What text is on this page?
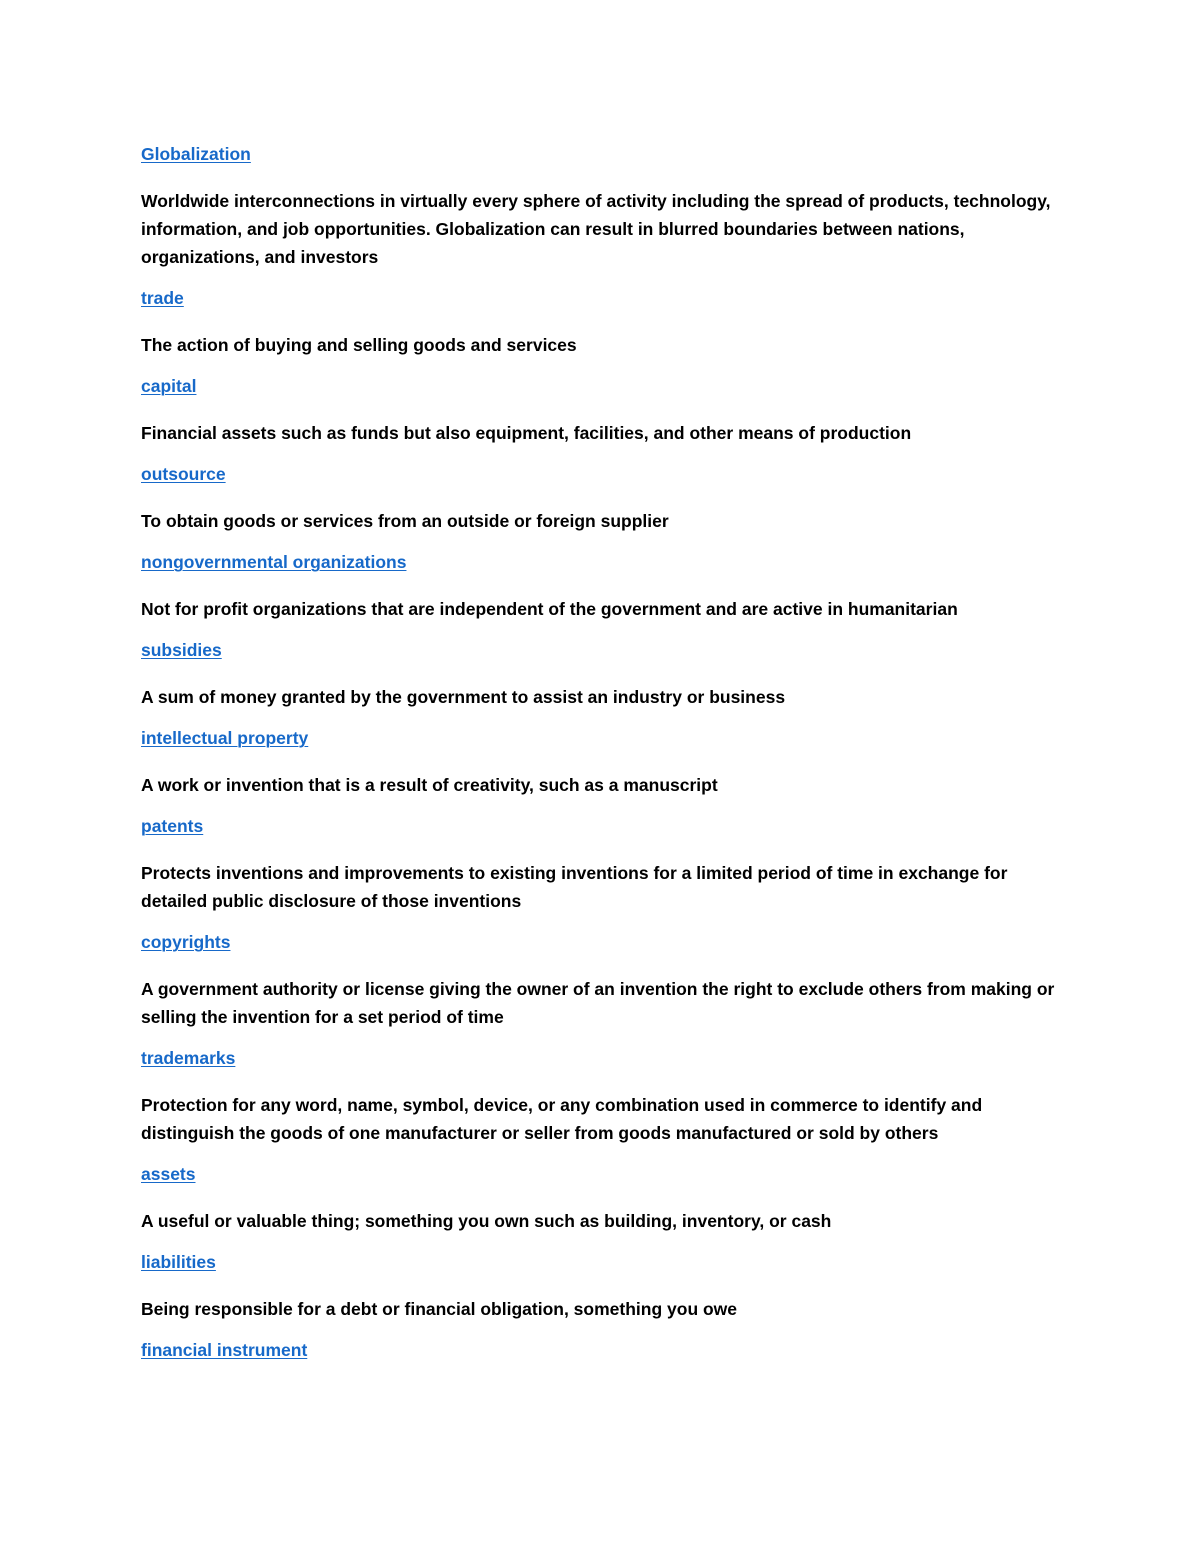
Globalization

Worldwide interconnections in virtually every sphere of activity including the spread of products, technology, information, and job opportunities. Globalization can result in blurred boundaries between nations, organizations, and investors

trade

The action of buying and selling goods and services

capital

Financial assets such as funds but also equipment, facilities, and other means of production

outsource

To obtain goods or services from an outside or foreign supplier

nongovernmental organizations

Not for profit organizations that are independent of the government and are active in humanitarian

subsidies

A sum of money granted by the government to assist an industry or business

intellectual property

A work or invention that is a result of creativity, such as a manuscript

patents

Protects inventions and improvements to existing inventions for a limited period of time in exchange for detailed public disclosure of those inventions

copyrights

A government authority or license giving the owner of an invention the right to exclude others from making or selling the invention for a set period of time

trademarks

Protection for any word, name, symbol, device, or any combination used in commerce to identify and distinguish the goods of one manufacturer or seller from goods manufactured or sold by others

assets

A useful or valuable thing; something you own such as building, inventory, or cash

liabilities

Being responsible for a debt or financial obligation, something you owe

financial instrument
